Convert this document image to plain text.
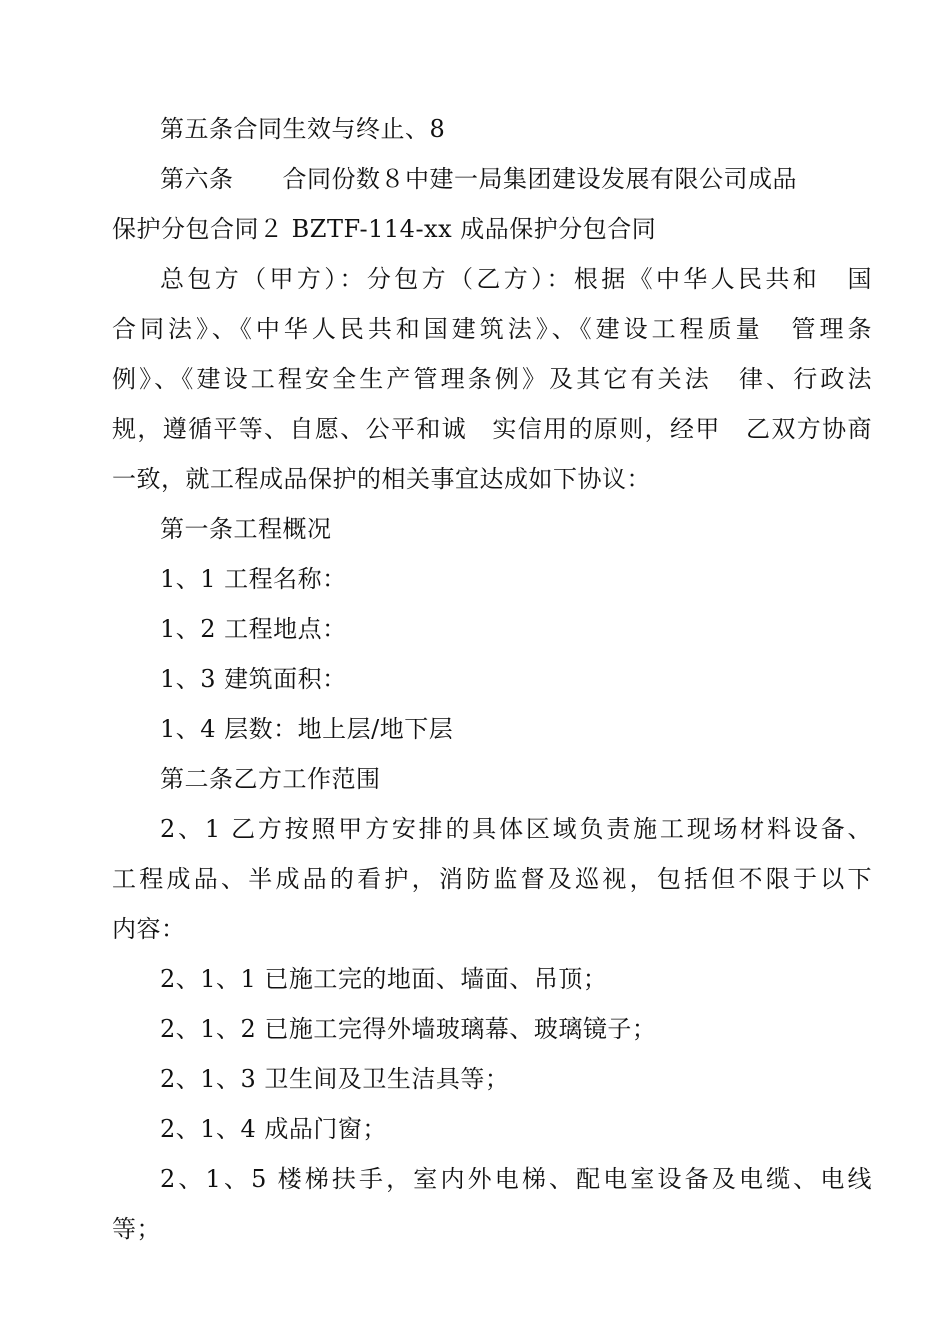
第五条合同生效与终止、8
第六条　　合同份数８中建一局集团建设发展有限公司成品
保护分包合同２ BZTF-114-xx 成品保护分包合同
总包方（甲方）：分包方（乙方）：根据《中华人民共和　国
合同法》、《中华人民共和国建筑法》、《建设工程质量　管理条
例》、《建设工程安全生产管理条例》及其它有关法　律、行政法
规，遵循平等、自愿、公平和诚　实信用的原则，经甲　乙双方协商
一致，就工程成品保护的相关事宜达成如下协议：
第一条工程概况
1、1 工程名称：
1、2 工程地点：
1、3 建筑面积：
1、4 层数：地上层/地下层
第二条乙方工作范围
2、1 乙方按照甲方安排的具体区域负责施工现场材料设备、
工程成品、半成品的看护，消防监督及巡视，包括但不限于以下
内容：
2、1、1 已施工完的地面、墙面、吊顶；
2、1、2 已施工完得外墙玻璃幕、玻璃镜子；
2、1、3 卫生间及卫生洁具等；
2、1、4 成品门窗；
2、1、5 楼梯扶手，室内外电梯、配电室设备及电缆、电线
等；
